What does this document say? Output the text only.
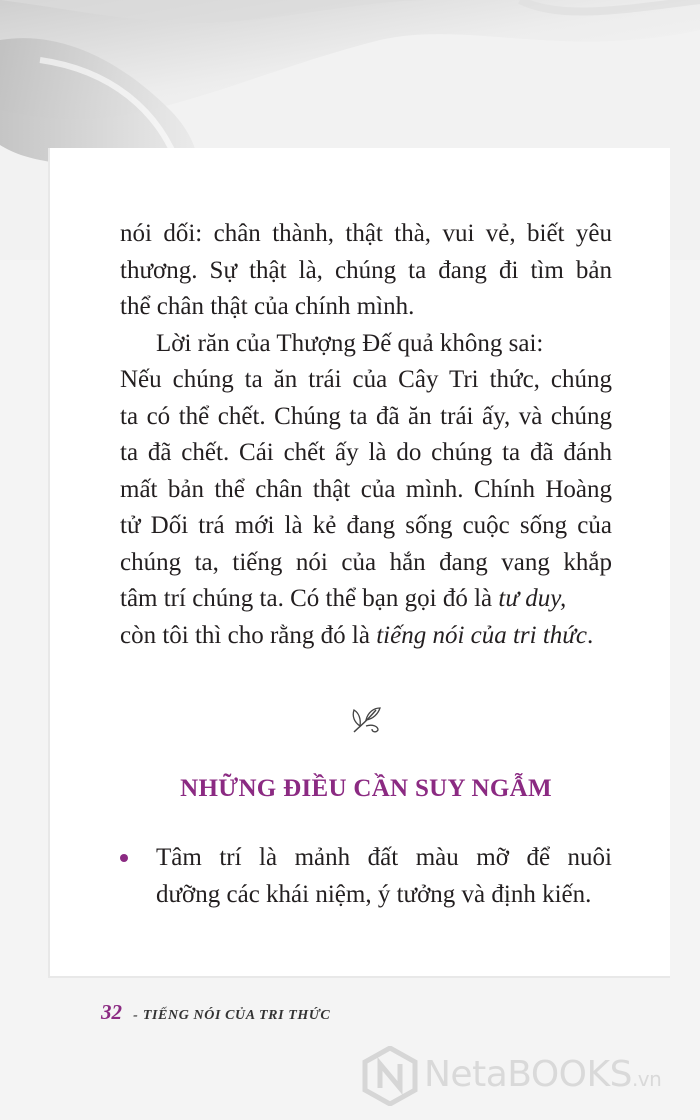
nói dối: chân thành, thật thà, vui vẻ, biết yêu
thương. Sự thật là, chúng ta đang đi tìm bản
thể chân thật của chính mình.
Lời răn của Thượng Đế quả không sai:
Nếu chúng ta ăn trái của Cây Tri thức, chúng
ta có thể chết. Chúng ta đã ăn trái ấy, và chúng
ta đã chết. Cái chết ấy là do chúng ta đã đánh
mất bản thể chân thật của mình. Chính Hoàng
tử Dối trá mới là kẻ đang sống cuộc sống của
chúng ta, tiếng nói của hắn đang vang khắp
tâm trí chúng ta. Có thể bạn gọi đó là tư duy,
còn tôi thì cho rằng đó là tiếng nói của tri thức.
NHỮNG ĐIỀU CẦN SUY NGẪM
Tâm trí là mảnh đất màu mỡ để nuôi
dưỡng các khái niệm, ý tưởng và định kiến.
32 - TIẾNG NÓI CỦA TRI THỨC
NetaBOOKS.vn
